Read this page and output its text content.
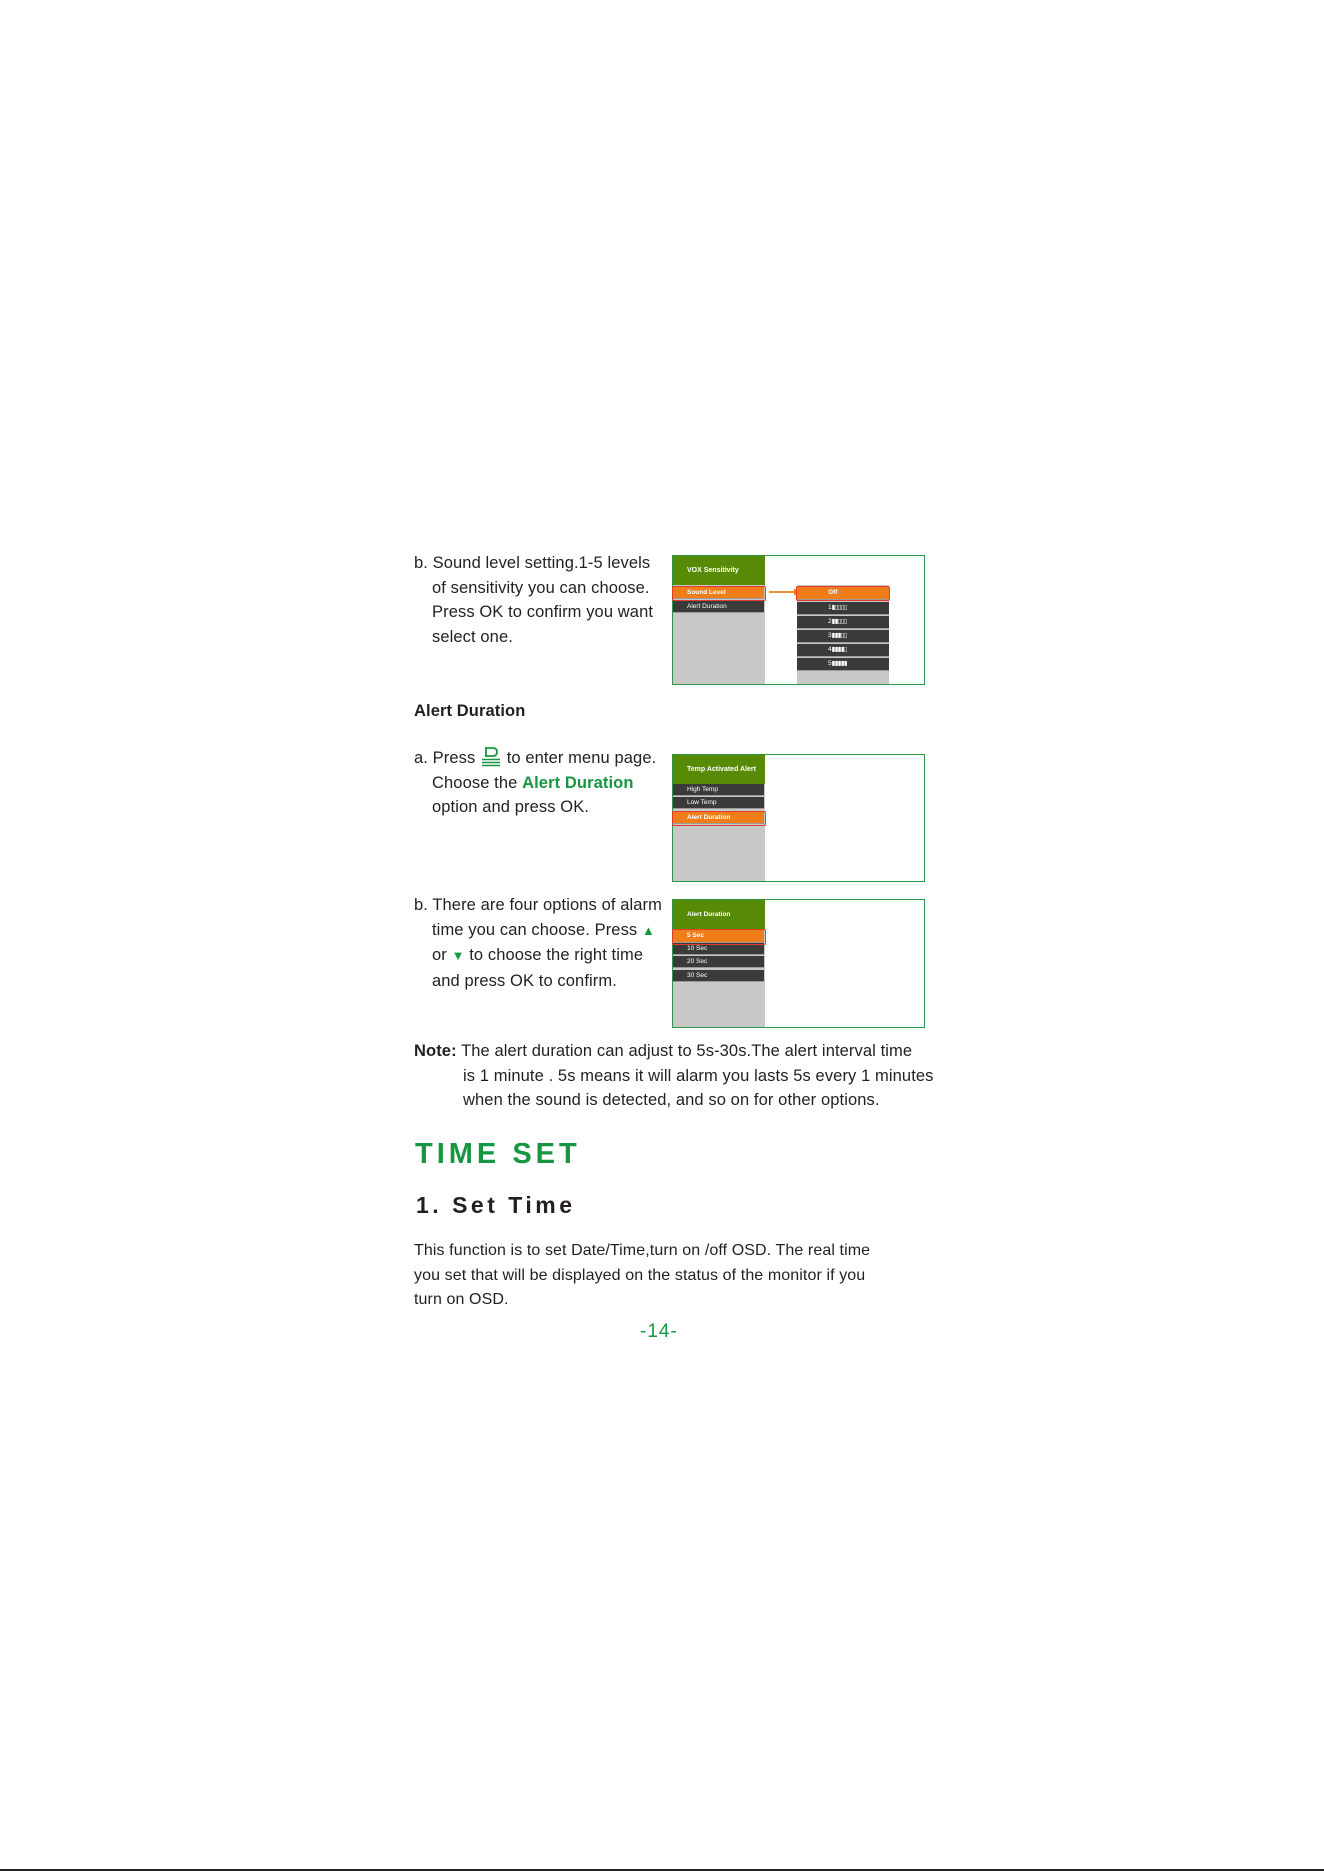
b. Sound level setting.1-5 levels
of sensitivity you can choose.
Press OK to confirm you want
select one.
VOX Sensitivity
Sound Level
Alert Duration
Off
1▮▯▯▯▯
2▮▮▯▯▯
3▮▮▮▯▯
4▮▮▮▮▯
5▮▮▮▮▮
Alert Duration
a. Press to enter menu page.
Choose the Alert Duration
option and press OK.
Temp Activated Alert
High Temp
Low Temp
Alert Duration
b. There are four options of alarm
time you can choose. Press ▲
or ▼ to choose the right time
and press OK to confirm.
Alert Duration
5 Sec
10 Sec
20 Sec
30 Sec
Note: The alert duration can adjust to 5s-30s.The alert interval time
is 1 minute . 5s means it will alarm you lasts 5s every 1 minutes
when the sound is detected, and so on for other options.
TIME SET
1. Set Time
This function is to set Date/Time,turn on /off OSD. The real time
you set that will be displayed on the status of the monitor if you
turn on OSD.
-14-
